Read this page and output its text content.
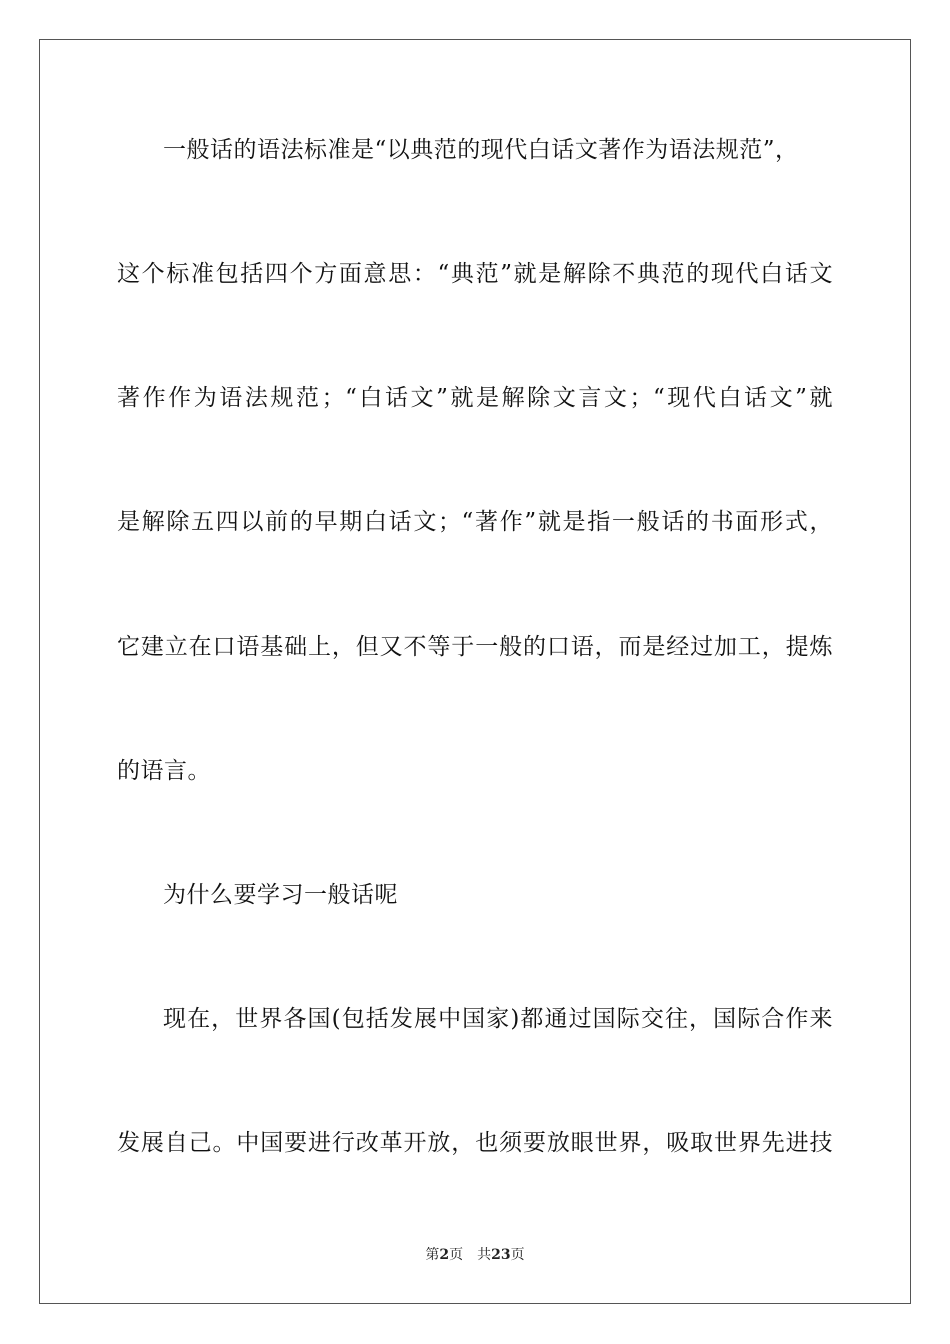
一般话的语法标准是“以典范的现代白话文著作为语法规范”，
这个标准包括四个方面意思：“典范”就是解除不典范的现代白话文
著作作为语法规范；“白话文”就是解除文言文；“现代白话文”就
是解除五四以前的早期白话文；“著作”就是指一般话的书面形式，
它建立在口语基础上，但又不等于一般的口语，而是经过加工，提炼
的语言。
为什么要学习一般话呢
现在，世界各国(包括发展中国家)都通过国际交往，国际合作来
发展自己。中国要进行改革开放，也须要放眼世界，吸取世界先进技
第2页 共23页
